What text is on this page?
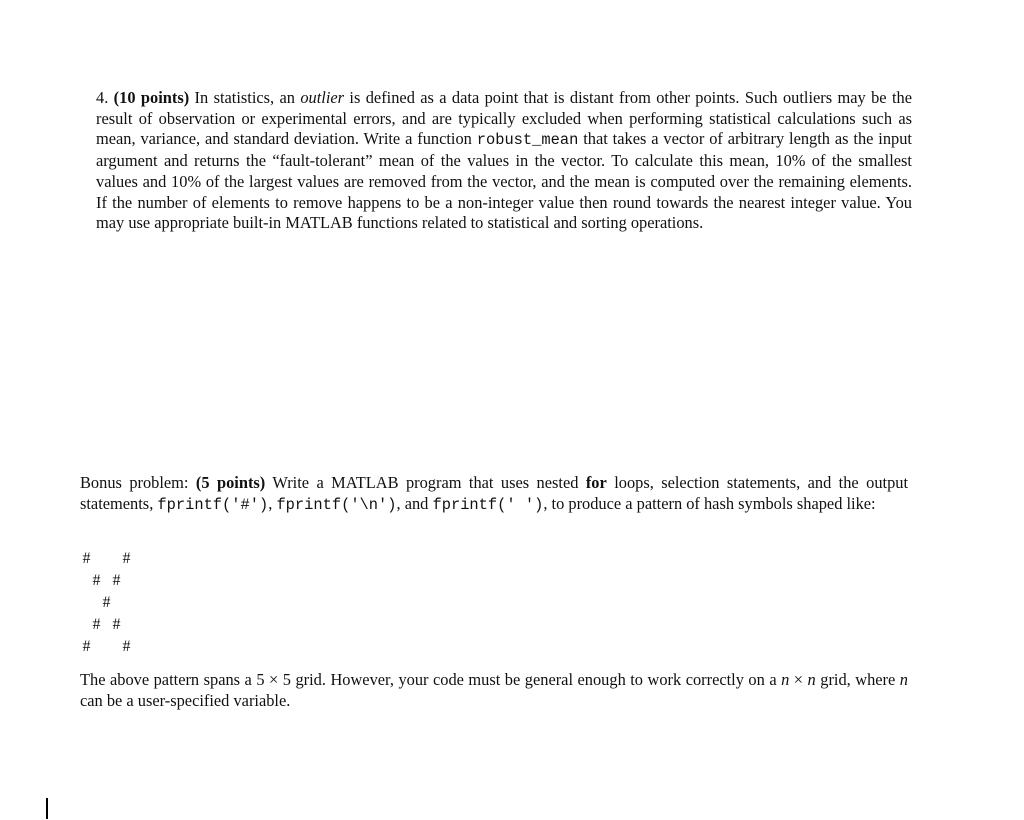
4. (10 points) In statistics, an outlier is defined as a data point that is distant from other points. Such outliers may be the result of observation or experimental errors, and are typically excluded when performing statistical calculations such as mean, variance, and standard deviation. Write a function robust_mean that takes a vector of arbitrary length as the input argument and returns the “fault-tolerant” mean of the values in the vector. To calculate this mean, 10% of the smallest values and 10% of the largest values are removed from the vector, and the mean is computed over the remaining elements. If the number of elements to remove happens to be a non-integer value then round towards the nearest integer value. You may use appropriate built-in MATLAB functions related to statistical and sorting operations.
Bonus problem: (5 points) Write a MATLAB program that uses nested for loops, selection statements, and the output statements, fprintf('#'), fprintf('\n'), and fprintf(' '), to produce a pattern of hash symbols shaped like:
# #
# #
#
# #
# #
The above pattern spans a 5 × 5 grid. However, your code must be general enough to work correctly on a n × n grid, where n can be a user-specified variable.
